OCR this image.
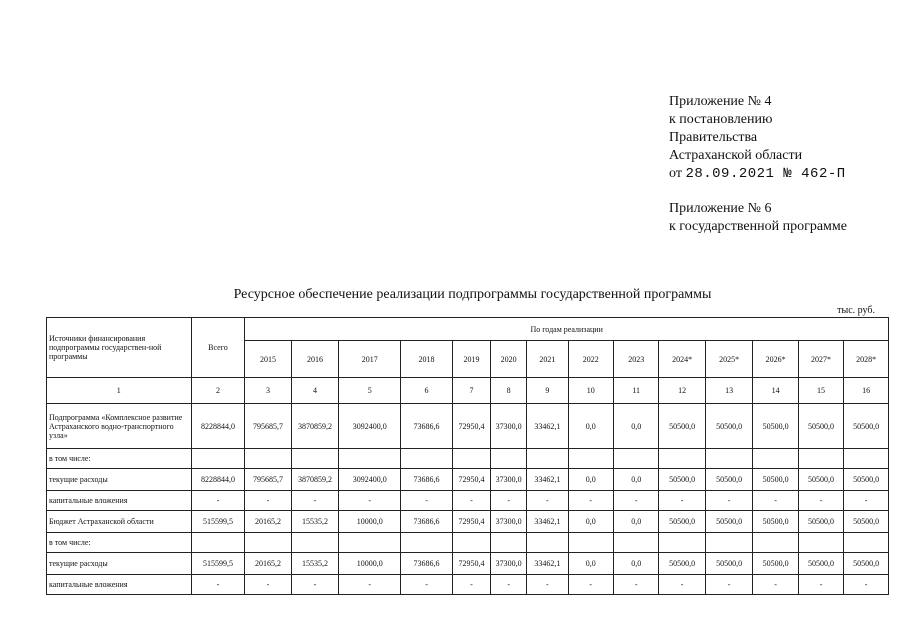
Приложение № 4
к постановлению
Правительства
Астраханской области
от 28.09.2021 № 462-П
Приложение № 6
к государственной программе
Ресурсное обеспечение реализации подпрограммы государственной программы
тыс. руб.
Источники финансирования подпрограммы государствен-ной программы	Всего	По годам реализации													
		2015	2016	2017	2018	2019	2020	2021	2022	2023	2024*	2025*	2026*	2027*	2028*
1	2	3	4	5	6	7	8	9	10	11	12	13	14	15	16
Подпрограмма «Комплексное развитие Астраханского водно-транспортного узла»	8228844,0	795685,7	3870859,2	3092400,0	73686,6	72950,4	37300,0	33462,1	0,0	0,0	50500,0	50500,0	50500,0	50500,0	50500,0
в том числе:															
текущие расходы	8228844,0	795685,7	3870859,2	3092400,0	73686,6	72950,4	37300,0	33462,1	0,0	0,0	50500,0	50500,0	50500,0	50500,0	50500,0
капитальные вложения	-	-	-	-	-	-	-	-	-	-	-	-	-	-	-
Бюджет Астраханской области	515599,5	20165,2	15535,2	10000,0	73686,6	72950,4	37300,0	33462,1	0,0	0,0	50500,0	50500,0	50500,0	50500,0	50500,0
в том числе:															
текущие расходы	515599,5	20165,2	15535,2	10000,0	73686,6	72950,4	37300,0	33462,1	0,0	0,0	50500,0	50500,0	50500,0	50500,0	50500,0
капитальные вложения	-	-	-	-	-	-	-	-	-	-	-	-	-	-	-
